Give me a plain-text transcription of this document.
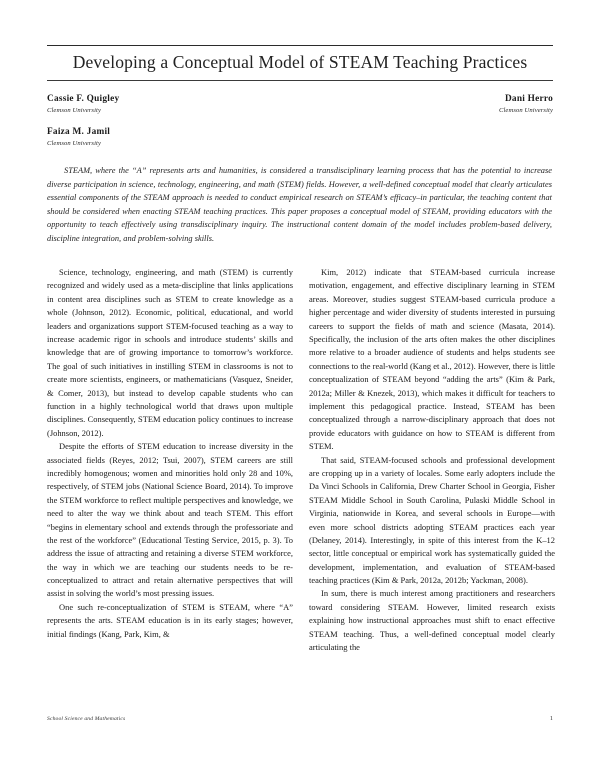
Developing a Conceptual Model of STEAM Teaching Practices
Cassie F. Quigley
Clemson University
Dani Herro
Clemson University
Faiza M. Jamil
Clemson University
STEAM, where the “A” represents arts and humanities, is considered a transdisciplinary learning process that has the potential to increase diverse participation in science, technology, engineering, and math (STEM) fields. However, a well-defined conceptual model that clearly articulates essential components of the STEAM approach is needed to conduct empirical research on STEAM’s efficacy–in particular, the teaching content that should be considered when enacting STEAM teaching practices. This paper proposes a conceptual model of STEAM, providing educators with the opportunity to teach effectively using transdisciplinary inquiry. The instructional content domain of the model includes problem-based delivery, discipline integration, and problem-solving skills.

Science, technology, engineering, and math (STEM) is currently recognized and widely used as a meta-discipline that links applications in content area disciplines such as STEM to create knowledge as a whole (Johnson, 2012). Economic, political, educational, and world leaders and organizations support STEM-focused teaching as a way to increase academic rigor in schools and introduce students’ skills and knowledge that are of growing importance to tomorrow’s workforce. The goal of such initiatives in instilling STEM in classrooms is not to create more scientists, engineers, or mathematicians (Vasquez, Sneider, & Comer, 2013), but instead to develop capable students who can function in a highly technological world that draws upon multiple disciplines. Consequently, STEM education policy continues to increase (Johnson, 2012).

Despite the efforts of STEM education to increase diversity in the associated fields (Reyes, 2012; Tsui, 2007), STEM careers are still incredibly homogenous; women and minorities hold only 28 and 10%, respectively, of STEM jobs (National Science Board, 2014). To improve the STEM workforce to reflect multiple perspectives and knowledge, we need to alter the way we think about and teach STEM. This effort “begins in elementary school and extends through the professoriate and the rest of the workforce” (Educational Testing Service, 2015, p. 3). To address the issue of attracting and retaining a diverse STEM workforce, the way in which we are teaching our students needs to be re-conceptualized to attract and retain alternative perspectives that will assist in solving the world’s most pressing issues.

One such re-conceptualization of STEM is STEAM, where “A” represents the arts. STEAM education is in its early stages; however, initial findings (Kang, Park, Kim, &

Kim, 2012) indicate that STEAM-based curricula increase motivation, engagement, and effective disciplinary learning in STEM areas. Moreover, studies suggest STEAM-based curricula produce a higher percentage and wider diversity of students interested in pursuing careers to support the fields of math and science (Masata, 2014). Specifically, the inclusion of the arts often makes the other disciplines more relative to a broader audience of students and helps students see connections to the real-world (Kang et al., 2012). However, there is little conceptualization of STEAM beyond “adding the arts” (Kim & Park, 2012a; Miller & Knezek, 2013), which makes it difficult for teachers to implement this pedagogical practice. Instead, STEAM has been conceptualized through a narrow-disciplinary approach that does not provide educators with guidance on how to STEAM is different from STEM.

That said, STEAM-focused schools and professional development are cropping up in a variety of locales. Some early adopters include the Da Vinci Schools in California, Drew Charter School in Georgia, Fisher STEAM Middle School in South Carolina, Pulaski Middle School in Virginia, nationwide in Korea, and several schools in Europe—with even more school districts adopting STEAM practices each year (Delaney, 2014). Interestingly, in spite of this interest from the K–12 sector, little conceptual or empirical work has systematically guided the development, implementation, and evaluation of STEAM-based teaching practices (Kim & Park, 2012a, 2012b; Yackman, 2008).

In sum, there is much interest among practitioners and researchers toward considering STEAM. However, limited research exists explaining how instructional approaches must shift to enact effective STEAM teaching. Thus, a well-defined conceptual model clearly articulating the

School Science and Mathematics	1
